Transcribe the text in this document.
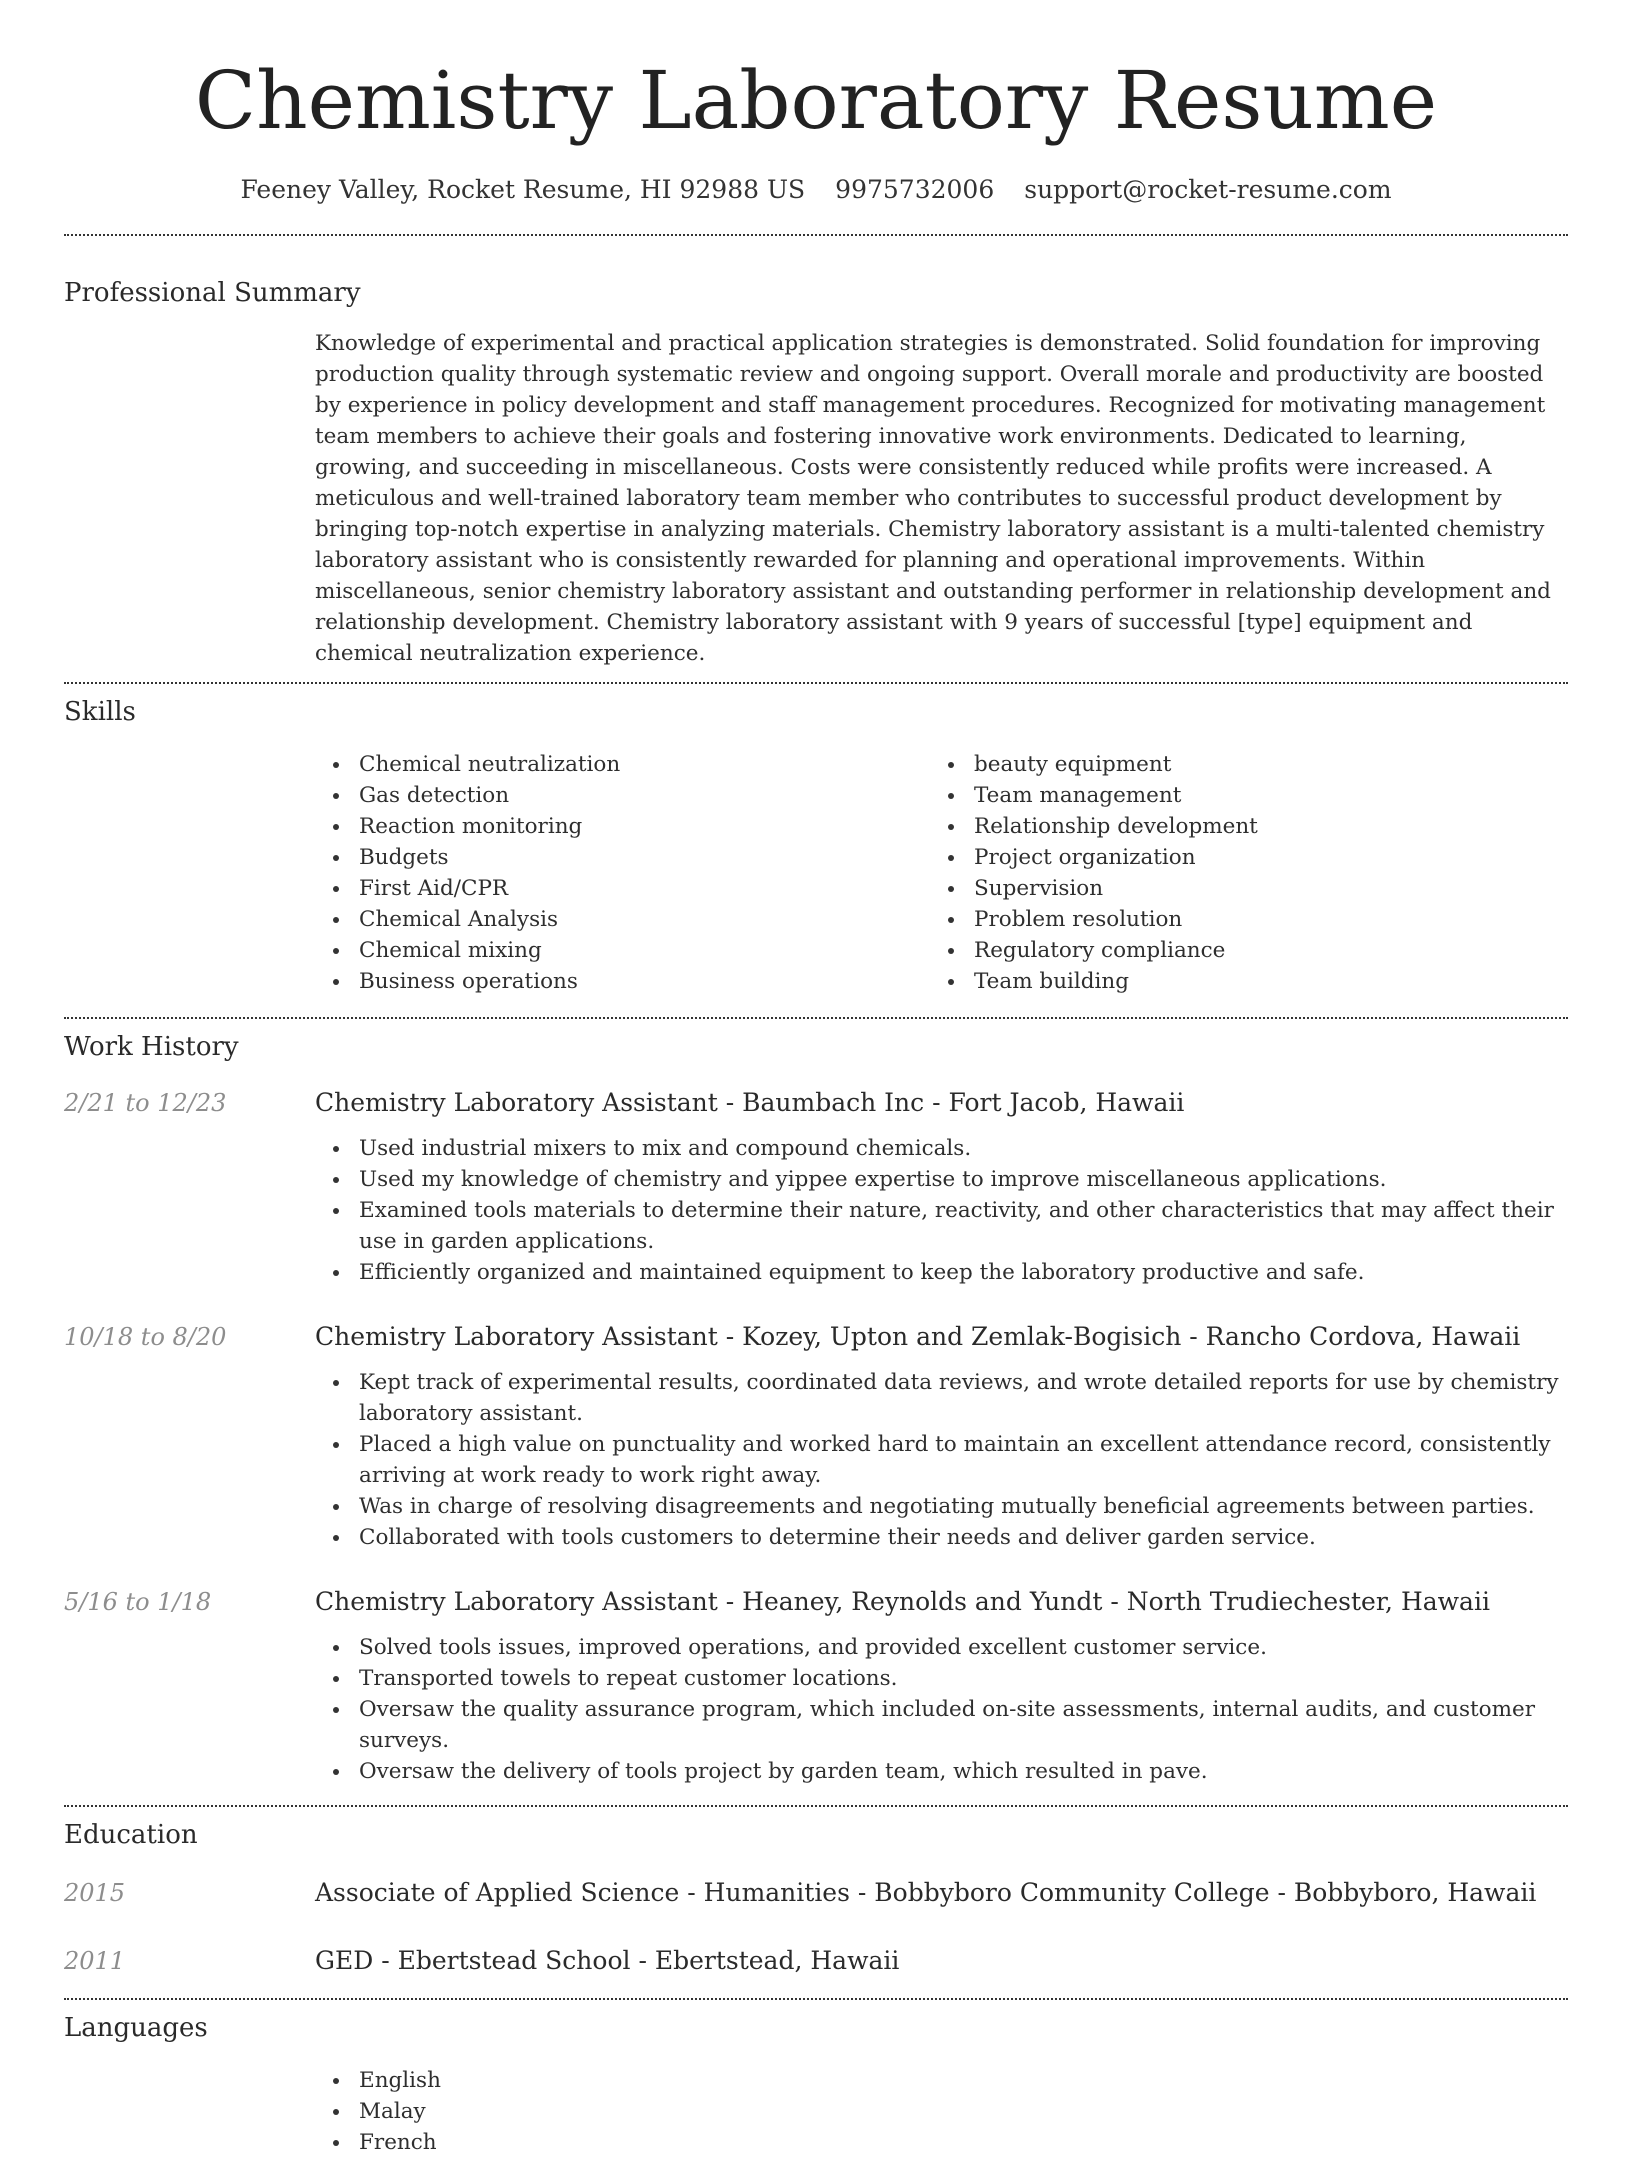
Chemistry Laboratory Resume
Feeney Valley, Rocket Resume, HI 92988 US 9975732006 support@rocket-resume.com
Professional Summary

Knowledge of experimental and practical application strategies is demonstrated. Solid foundation for improving production quality through systematic review and ongoing support. Overall morale and productivity are boosted by experience in policy development and staff management procedures. Recognized for motivating management team members to achieve their goals and fostering innovative work environments. Dedicated to learning, growing, and succeeding in miscellaneous. Costs were consistently reduced while profits were increased. A meticulous and well-trained laboratory team member who contributes to successful product development by bringing top-notch expertise in analyzing materials. Chemistry laboratory assistant is a multi-talented chemistry laboratory assistant who is consistently rewarded for planning and operational improvements. Within miscellaneous, senior chemistry laboratory assistant and outstanding performer in relationship development and relationship development. Chemistry laboratory assistant with 9 years of successful [type] equipment and chemical neutralization experience.

Skills
Chemical neutralization
Gas detection
Reaction monitoring
Budgets
First Aid/CPR
Chemical Analysis
Chemical mixing
Business operations
beauty equipment
Team management
Relationship development
Project organization
Supervision
Problem resolution
Regulatory compliance
Team building
Work History
2/21 to 12/23	Chemistry Laboratory Assistant - Baumbach Inc - Fort Jacob, Hawaii
Used industrial mixers to mix and compound chemicals.
Used my knowledge of chemistry and yippee expertise to improve miscellaneous applications.
Examined tools materials to determine their nature, reactivity, and other characteristics that may affect their use in garden applications.
Efficiently organized and maintained equipment to keep the laboratory productive and safe.
10/18 to 8/20	Chemistry Laboratory Assistant - Kozey, Upton and Zemlak-Bogisich - Rancho Cordova, Hawaii
Kept track of experimental results, coordinated data reviews, and wrote detailed reports for use by chemistry laboratory assistant.
Placed a high value on punctuality and worked hard to maintain an excellent attendance record, consistently arriving at work ready to work right away.
Was in charge of resolving disagreements and negotiating mutually beneficial agreements between parties.
Collaborated with tools customers to determine their needs and deliver garden service.
5/16 to 1/18	Chemistry Laboratory Assistant - Heaney, Reynolds and Yundt - North Trudiechester, Hawaii
Solved tools issues, improved operations, and provided excellent customer service.
Transported towels to repeat customer locations.
Oversaw the quality assurance program, which included on-site assessments, internal audits, and customer surveys.
Oversaw the delivery of tools project by garden team, which resulted in pave.
Education
2015	Associate of Applied Science - Humanities - Bobbyboro Community College - Bobbyboro, Hawaii
2011	GED - Ebertstead School - Ebertstead, Hawaii
Languages
English
Malay
French
